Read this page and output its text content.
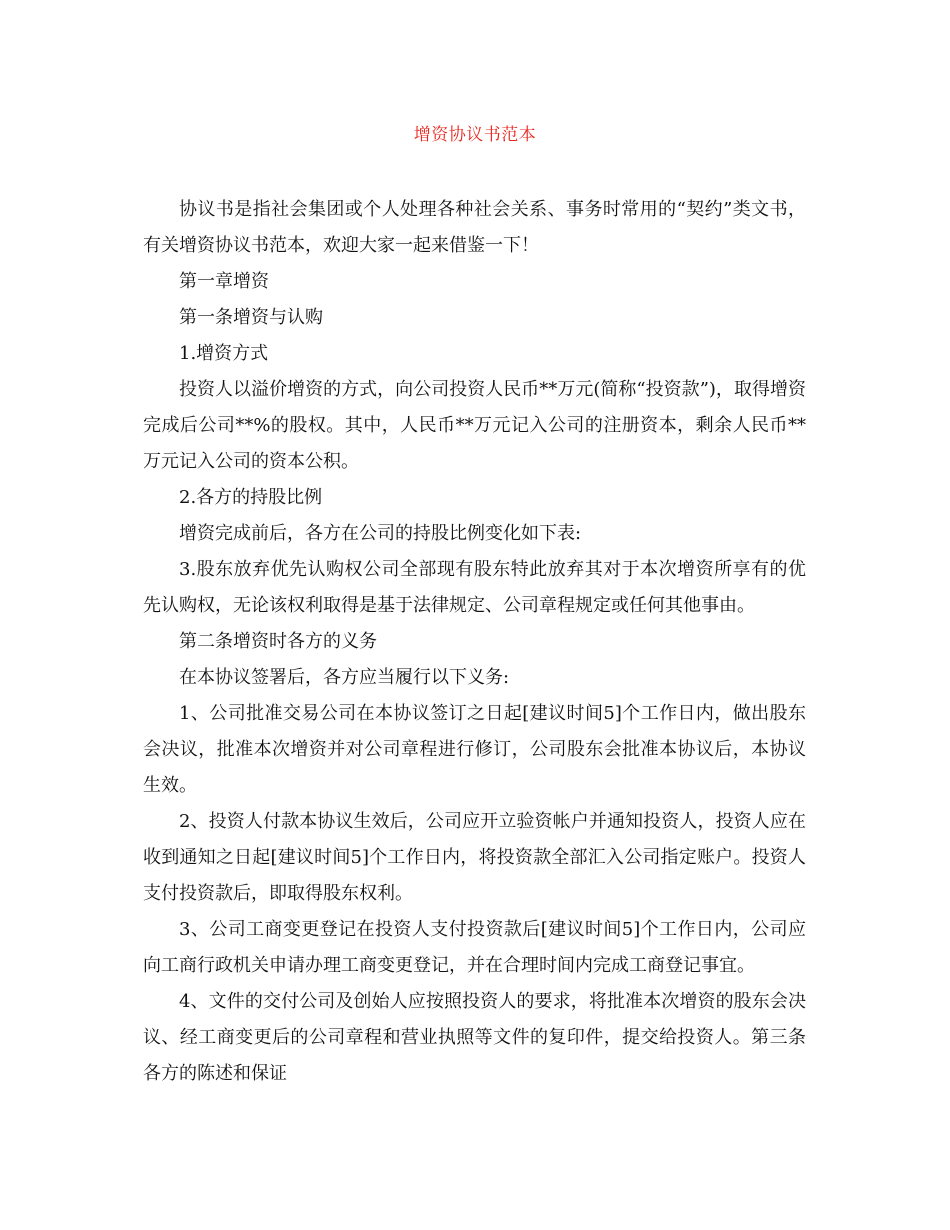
增资协议书范本

协议书是指社会集团或个人处理各种社会关系、事务时常用的“契约”类文书，有关增资协议书范本，欢迎大家一起来借鉴一下！

第一章增资

第一条增资与认购

1.增资方式

投资人以溢价增资的方式，向公司投资人民币**万元(简称“投资款”)，取得增资完成后公司**%的股权。其中，人民币**万元记入公司的注册资本，剩余人民币**万元记入公司的资本公积。

2.各方的持股比例

增资完成前后，各方在公司的持股比例变化如下表:

3.股东放弃优先认购权公司全部现有股东特此放弃其对于本次增资所享有的优先认购权，无论该权利取得是基于法律规定、公司章程规定或任何其他事由。

第二条增资时各方的义务

在本协议签署后，各方应当履行以下义务:

1、公司批准交易公司在本协议签订之日起[建议时间5]个工作日内，做出股东会决议，批准本次增资并对公司章程进行修订，公司股东会批准本协议后，本协议生效。

2、投资人付款本协议生效后，公司应开立验资帐户并通知投资人，投资人应在收到通知之日起[建议时间5]个工作日内，将投资款全部汇入公司指定账户。投资人支付投资款后，即取得股东权利。

3、公司工商变更登记在投资人支付投资款后[建议时间5]个工作日内，公司应向工商行政机关申请办理工商变更登记，并在合理时间内完成工商登记事宜。

4、文件的交付公司及创始人应按照投资人的要求，将批准本次增资的股东会决议、经工商变更后的公司章程和营业执照等文件的复印件，提交给投资人。第三条各方的陈述和保证
